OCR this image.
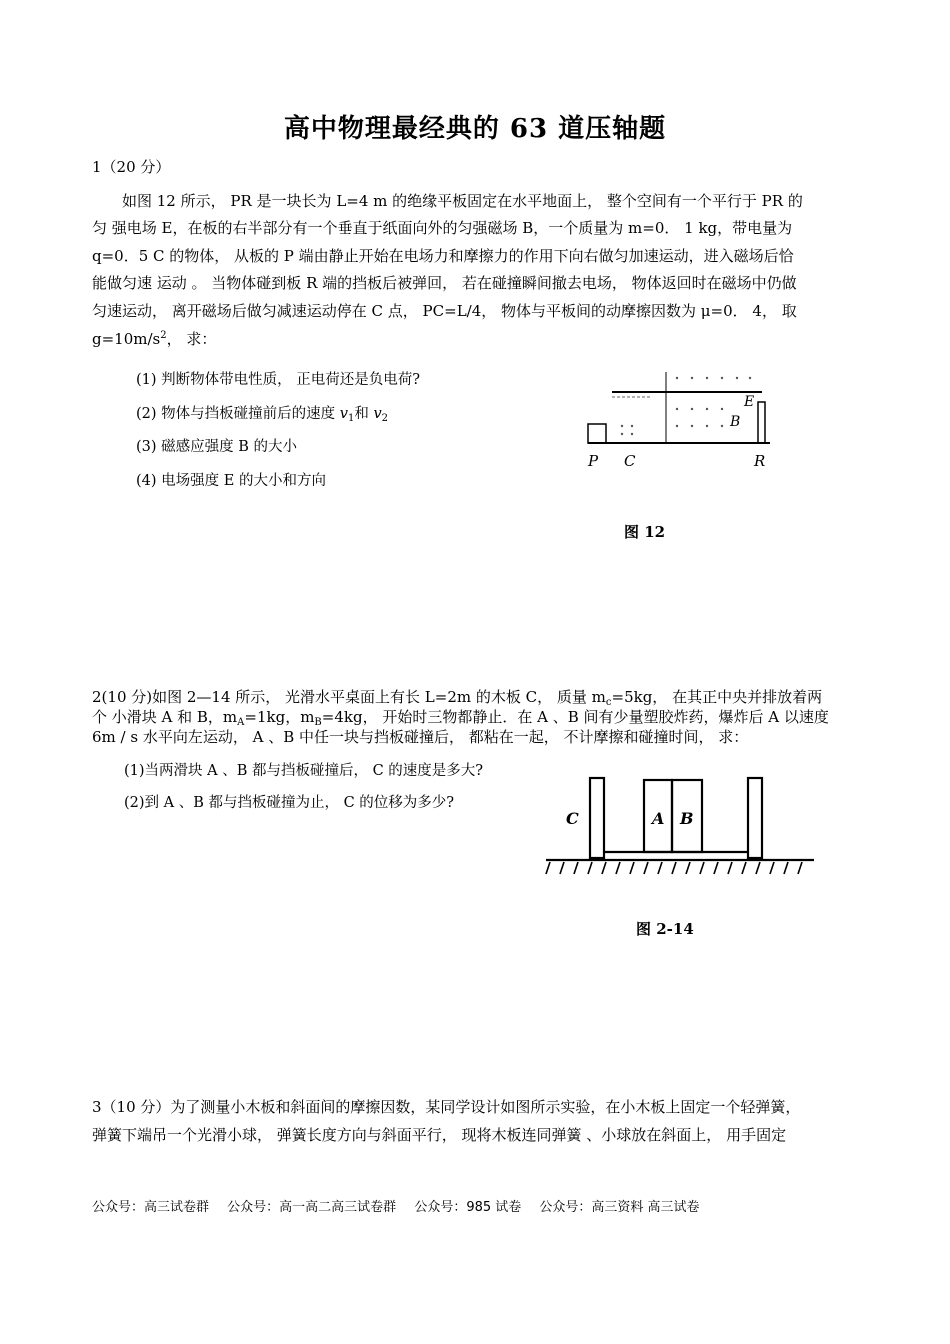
高中物理最经典的 63 道压轴题
1（20 分）
如图 12 所示， PR 是一块长为 L=4 m 的绝缘平板固定在水平地面上， 整个空间有一个平行于 PR 的
匀 强电场 E，在板的右半部分有一个垂直于纸面向外的匀强磁场 B，一个质量为 m=0． 1 kg，带电量为
q=0．5 C 的物体， 从板的 P 端由静止开始在电场力和摩擦力的作用下向右做匀加速运动，进入磁场后恰
能做匀速 运动 。 当物体碰到板 R 端的挡板后被弹回， 若在碰撞瞬间撤去电场， 物体返回时在磁场中仍做
匀速运动， 离开磁场后做匀减速运动停在 C 点， PC=L/4， 物体与平板间的动摩擦因数为 μ=0． 4， 取
$g=10m/s^2$， 求：
(1) 判断物体带电性质， 正电荷还是负电荷?
(2) 物体与挡板碰撞前后的速度 $v_1$和 $v_2$
(3) 磁感应强度 B 的大小
(4) 电场强度 E 的大小和方向
E
B
P C	R
图 12
2(10 分)如图 2—14 所示， 光滑水平桌面上有长 L=2m 的木板 C， 质量 $m_c=5kg$， 在其正中央并排放着两
个 小滑块 A 和 B，$m_A=1kg$，$m_B=4kg$， 开始时三物都静止．在 A 、B 间有少量塑胶炸药，爆炸后 A 以速度
6m / s 水平向左运动， A 、B 中任一块与挡板碰撞后， 都粘在一起， 不计摩擦和碰撞时间， 求：
(1)当两滑块 A 、B 都与挡板碰撞后， C 的速度是多大?
(2)到 A 、B 都与挡板碰撞为止， C 的位移为多少?
C	A B
图 2-14
3（10 分）为了测量小木板和斜面间的摩擦因数，某同学设计如图所示实验，在小木板上固定一个轻弹簧，
弹簧下端吊一个光滑小球， 弹簧长度方向与斜面平行， 现将木板连同弹簧 、小球放在斜面上， 用手固定
公众号：高三试卷群 公众号：高一高二高三试卷群 公众号：985 试卷 公众号：高三资料 高三试卷
